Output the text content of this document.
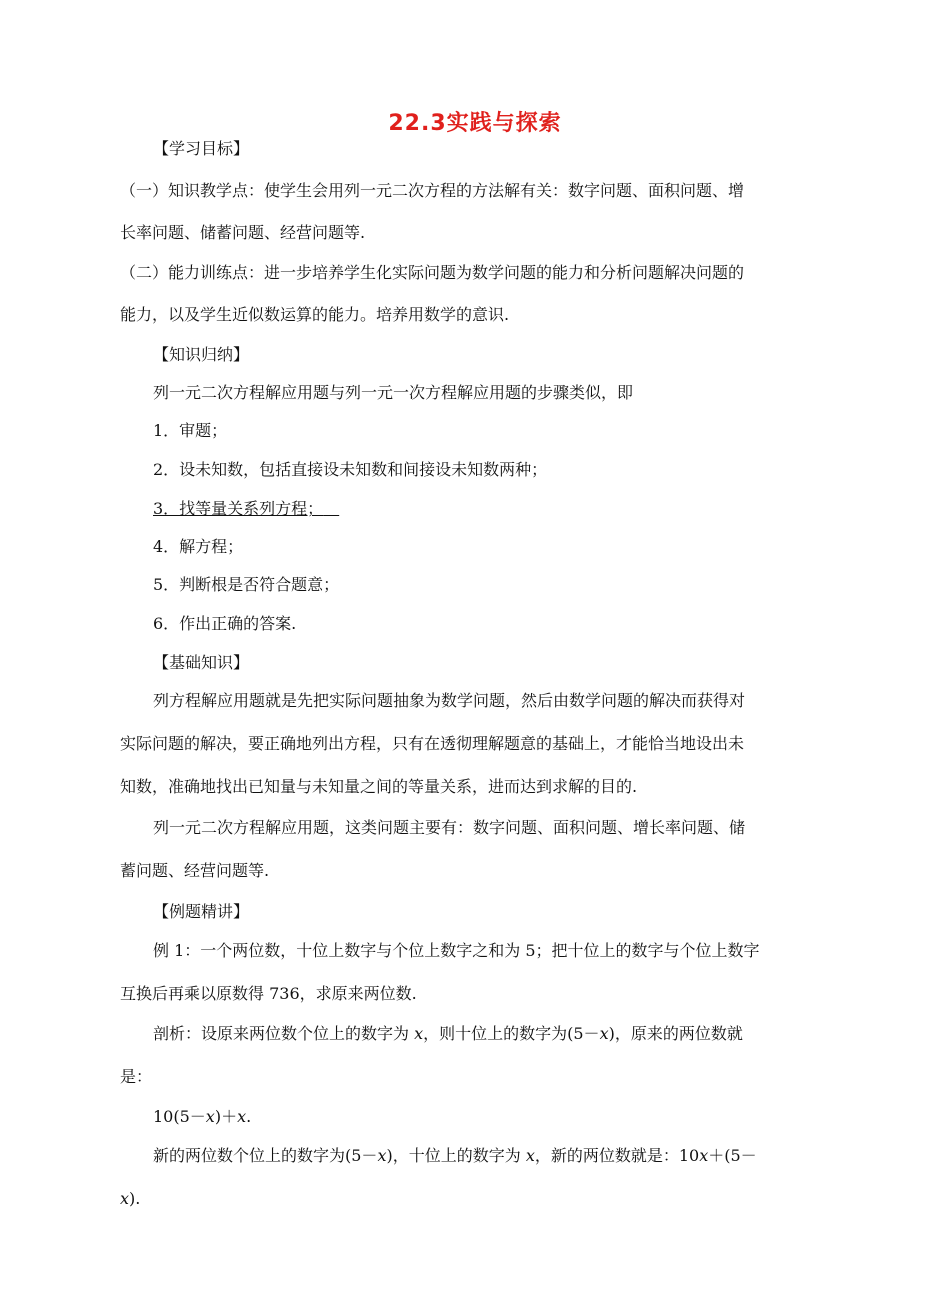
22.3实践与探索
【学习目标】
（一）知识教学点：使学生会用列一元二次方程的方法解有关：数字问题、面积问题、增
长率问题、储蓄问题、经营问题等.
（二）能力训练点：进一步培养学生化实际问题为数学问题的能力和分析问题解决问题的
能力，以及学生近似数运算的能力。培养用数学的意识.
【知识归纳】
列一元二次方程解应用题与列一元一次方程解应用题的步骤类似，即
1．审题；
2．设未知数，包括直接设未知数和间接设未知数两种；
3．找等量关系列方程； 
4．解方程；
5．判断根是否符合题意；
6．作出正确的答案.
【基础知识】
列方程解应用题就是先把实际问题抽象为数学问题，然后由数学问题的解决而获得对
实际问题的解决，要正确地列出方程，只有在透彻理解题意的基础上，才能恰当地设出未
知数，准确地找出已知量与未知量之间的等量关系，进而达到求解的目的.
列一元二次方程解应用题，这类问题主要有：数字问题、面积问题、增长率问题、储
蓄问题、经营问题等.
【例题精讲】
例 1：一个两位数，十位上数字与个位上数字之和为 5；把十位上的数字与个位上数字
互换后再乘以原数得 736，求原来两位数.
剖析：设原来两位数个位上的数字为 x，则十位上的数字为(5－x)，原来的两位数就
是：
10(5－x)＋x.
新的两位数个位上的数字为(5－x)，十位上的数字为 x，新的两位数就是：10x＋(5－
x).
